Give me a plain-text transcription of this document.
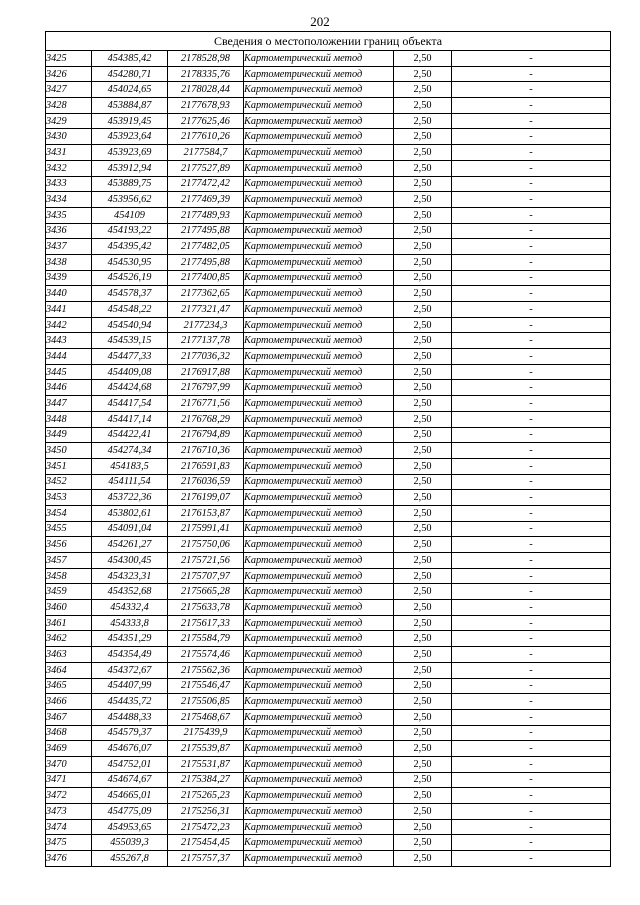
202
Сведения о местоположении границ объекта					
3425	454385,42	2178528,98	Картометрический метод	2,50	-
3426	454280,71	2178335,76	Картометрический метод	2,50	-
3427	454024,65	2178028,44	Картометрический метод	2,50	-
3428	453884,87	2177678,93	Картометрический метод	2,50	-
3429	453919,45	2177625,46	Картометрический метод	2,50	-
3430	453923,64	2177610,26	Картометрический метод	2,50	-
3431	453923,69	2177584,7	Картометрический метод	2,50	-
3432	453912,94	2177527,89	Картометрический метод	2,50	-
3433	453889,75	2177472,42	Картометрический метод	2,50	-
3434	453956,62	2177469,39	Картометрический метод	2,50	-
3435	454109	2177489,93	Картометрический метод	2,50	-
3436	454193,22	2177495,88	Картометрический метод	2,50	-
3437	454395,42	2177482,05	Картометрический метод	2,50	-
3438	454530,95	2177495,88	Картометрический метод	2,50	-
3439	454526,19	2177400,85	Картометрический метод	2,50	-
3440	454578,37	2177362,65	Картометрический метод	2,50	-
3441	454548,22	2177321,47	Картометрический метод	2,50	-
3442	454540,94	2177234,3	Картометрический метод	2,50	-
3443	454539,15	2177137,78	Картометрический метод	2,50	-
3444	454477,33	2177036,32	Картометрический метод	2,50	-
3445	454409,08	2176917,88	Картометрический метод	2,50	-
3446	454424,68	2176797,99	Картометрический метод	2,50	-
3447	454417,54	2176771,56	Картометрический метод	2,50	-
3448	454417,14	2176768,29	Картометрический метод	2,50	-
3449	454422,41	2176794,89	Картометрический метод	2,50	-
3450	454274,34	2176710,36	Картометрический метод	2,50	-
3451	454183,5	2176591,83	Картометрический метод	2,50	-
3452	454111,54	2176036,59	Картометрический метод	2,50	-
3453	453722,36	2176199,07	Картометрический метод	2,50	-
3454	453802,61	2176153,87	Картометрический метод	2,50	-
3455	454091,04	2175991,41	Картометрический метод	2,50	-
3456	454261,27	2175750,06	Картометрический метод	2,50	-
3457	454300,45	2175721,56	Картометрический метод	2,50	-
3458	454323,31	2175707,97	Картометрический метод	2,50	-
3459	454352,68	2175665,28	Картометрический метод	2,50	-
3460	454332,4	2175633,78	Картометрический метод	2,50	-
3461	454333,8	2175617,33	Картометрический метод	2,50	-
3462	454351,29	2175584,79	Картометрический метод	2,50	-
3463	454354,49	2175574,46	Картометрический метод	2,50	-
3464	454372,67	2175562,36	Картометрический метод	2,50	-
3465	454407,99	2175546,47	Картометрический метод	2,50	-
3466	454435,72	2175506,85	Картометрический метод	2,50	-
3467	454488,33	2175468,67	Картометрический метод	2,50	-
3468	454579,37	2175439,9	Картометрический метод	2,50	-
3469	454676,07	2175539,87	Картометрический метод	2,50	-
3470	454752,01	2175531,87	Картометрический метод	2,50	-
3471	454674,67	2175384,27	Картометрический метод	2,50	-
3472	454665,01	2175265,23	Картометрический метод	2,50	-
3473	454775,09	2175256,31	Картометрический метод	2,50	-
3474	454953,65	2175472,23	Картометрический метод	2,50	-
3475	455039,3	2175454,45	Картометрический метод	2,50	-
3476	455267,8	2175757,37	Картометрический метод	2,50	-
